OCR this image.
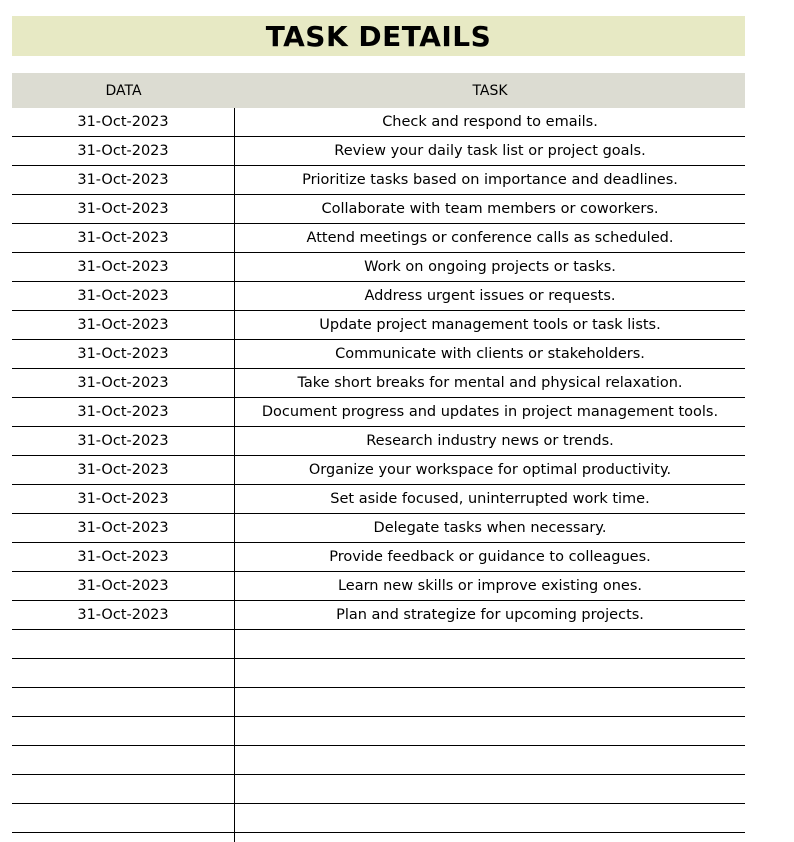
TASK DETAILS
DATA	TASK
31-Oct-2023	Check and respond to emails.
31-Oct-2023	Review your daily task list or project goals.
31-Oct-2023	Prioritize tasks based on importance and deadlines.
31-Oct-2023	Collaborate with team members or coworkers.
31-Oct-2023	Attend meetings or conference calls as scheduled.
31-Oct-2023	Work on ongoing projects or tasks.
31-Oct-2023	Address urgent issues or requests.
31-Oct-2023	Update project management tools or task lists.
31-Oct-2023	Communicate with clients or stakeholders.
31-Oct-2023	Take short breaks for mental and physical relaxation.
31-Oct-2023	Document progress and updates in project management tools.
31-Oct-2023	Research industry news or trends.
31-Oct-2023	Organize your workspace for optimal productivity.
31-Oct-2023	Set aside focused, uninterrupted work time.
31-Oct-2023	Delegate tasks when necessary.
31-Oct-2023	Provide feedback or guidance to colleagues.
31-Oct-2023	Learn new skills or improve existing ones.
31-Oct-2023	Plan and strategize for upcoming projects.
